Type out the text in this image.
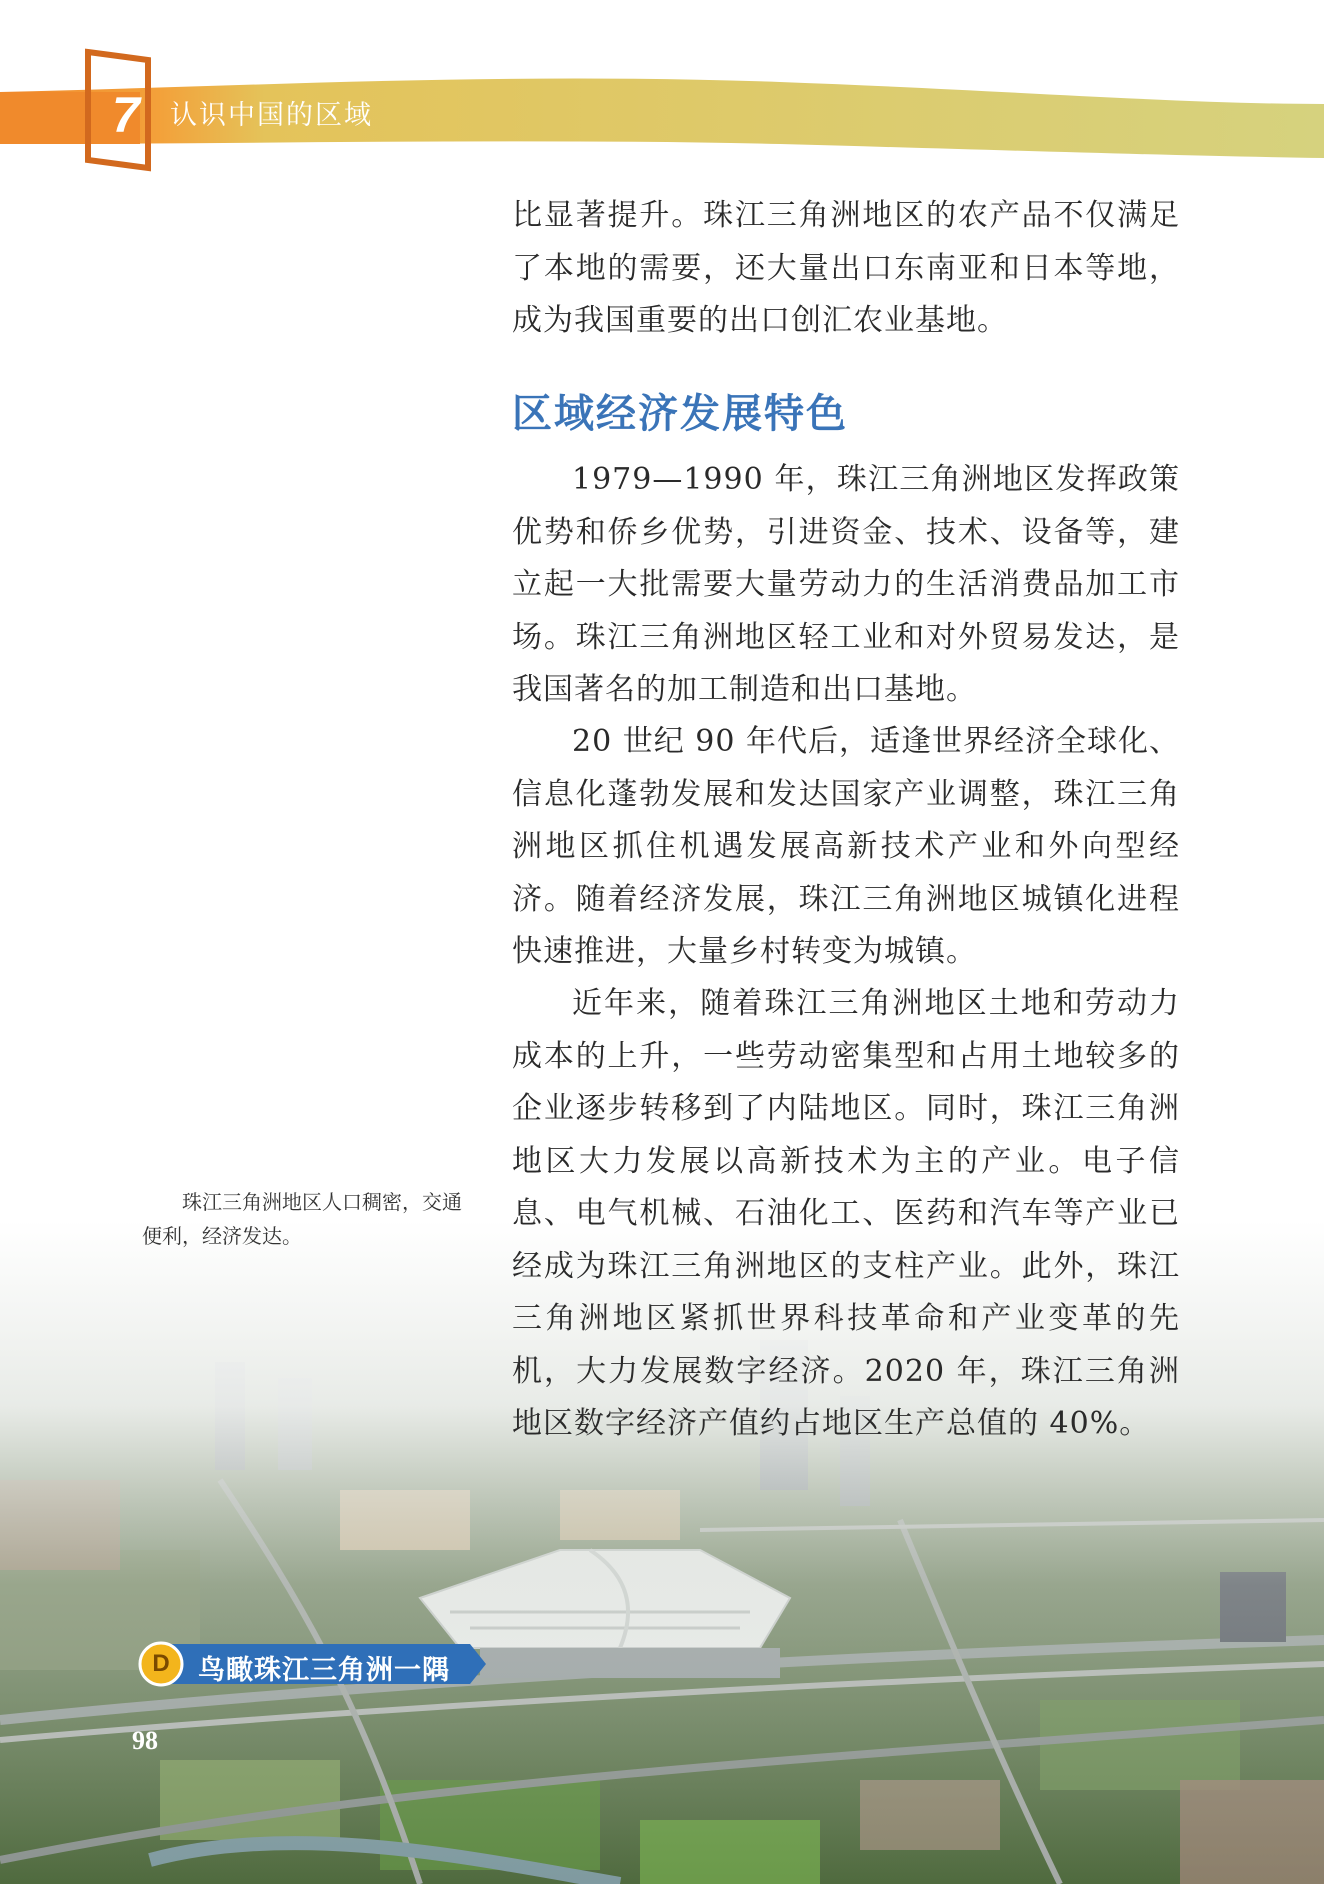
7 认识中国的区域

比显著提升。珠江三角洲地区的农产品不仅满足了本地的需要，还大量出口东南亚和日本等地，成为我国重要的出口创汇农业基地。

区域经济发展特色

1979—1990 年，珠江三角洲地区发挥政策优势和侨乡优势，引进资金、技术、设备等，建立起一大批需要大量劳动力的生活消费品加工市场。珠江三角洲地区轻工业和对外贸易发达，是我国著名的加工制造和出口基地。

20 世纪 90 年代后，适逢世界经济全球化、信息化蓬勃发展和发达国家产业调整，珠江三角洲地区抓住机遇发展高新技术产业和外向型经济。随着经济发展，珠江三角洲地区城镇化进程快速推进，大量乡村转变为城镇。

近年来，随着珠江三角洲地区土地和劳动力成本的上升，一些劳动密集型和占用土地较多的企业逐步转移到了内陆地区。同时，珠江三角洲地区大力发展以高新技术为主的产业。电子信息、电气机械、石油化工、医药和汽车等产业已经成为珠江三角洲地区的支柱产业。此外，珠江三角洲地区紧抓世界科技革命和产业变革的先机，大力发展数字经济。2020 年，珠江三角洲地区数字经济产值约占地区生产总值的 40%。

珠江三角洲地区人口稠密，交通便利，经济发达。

D	鸟瞰珠江三角洲一隅
98
